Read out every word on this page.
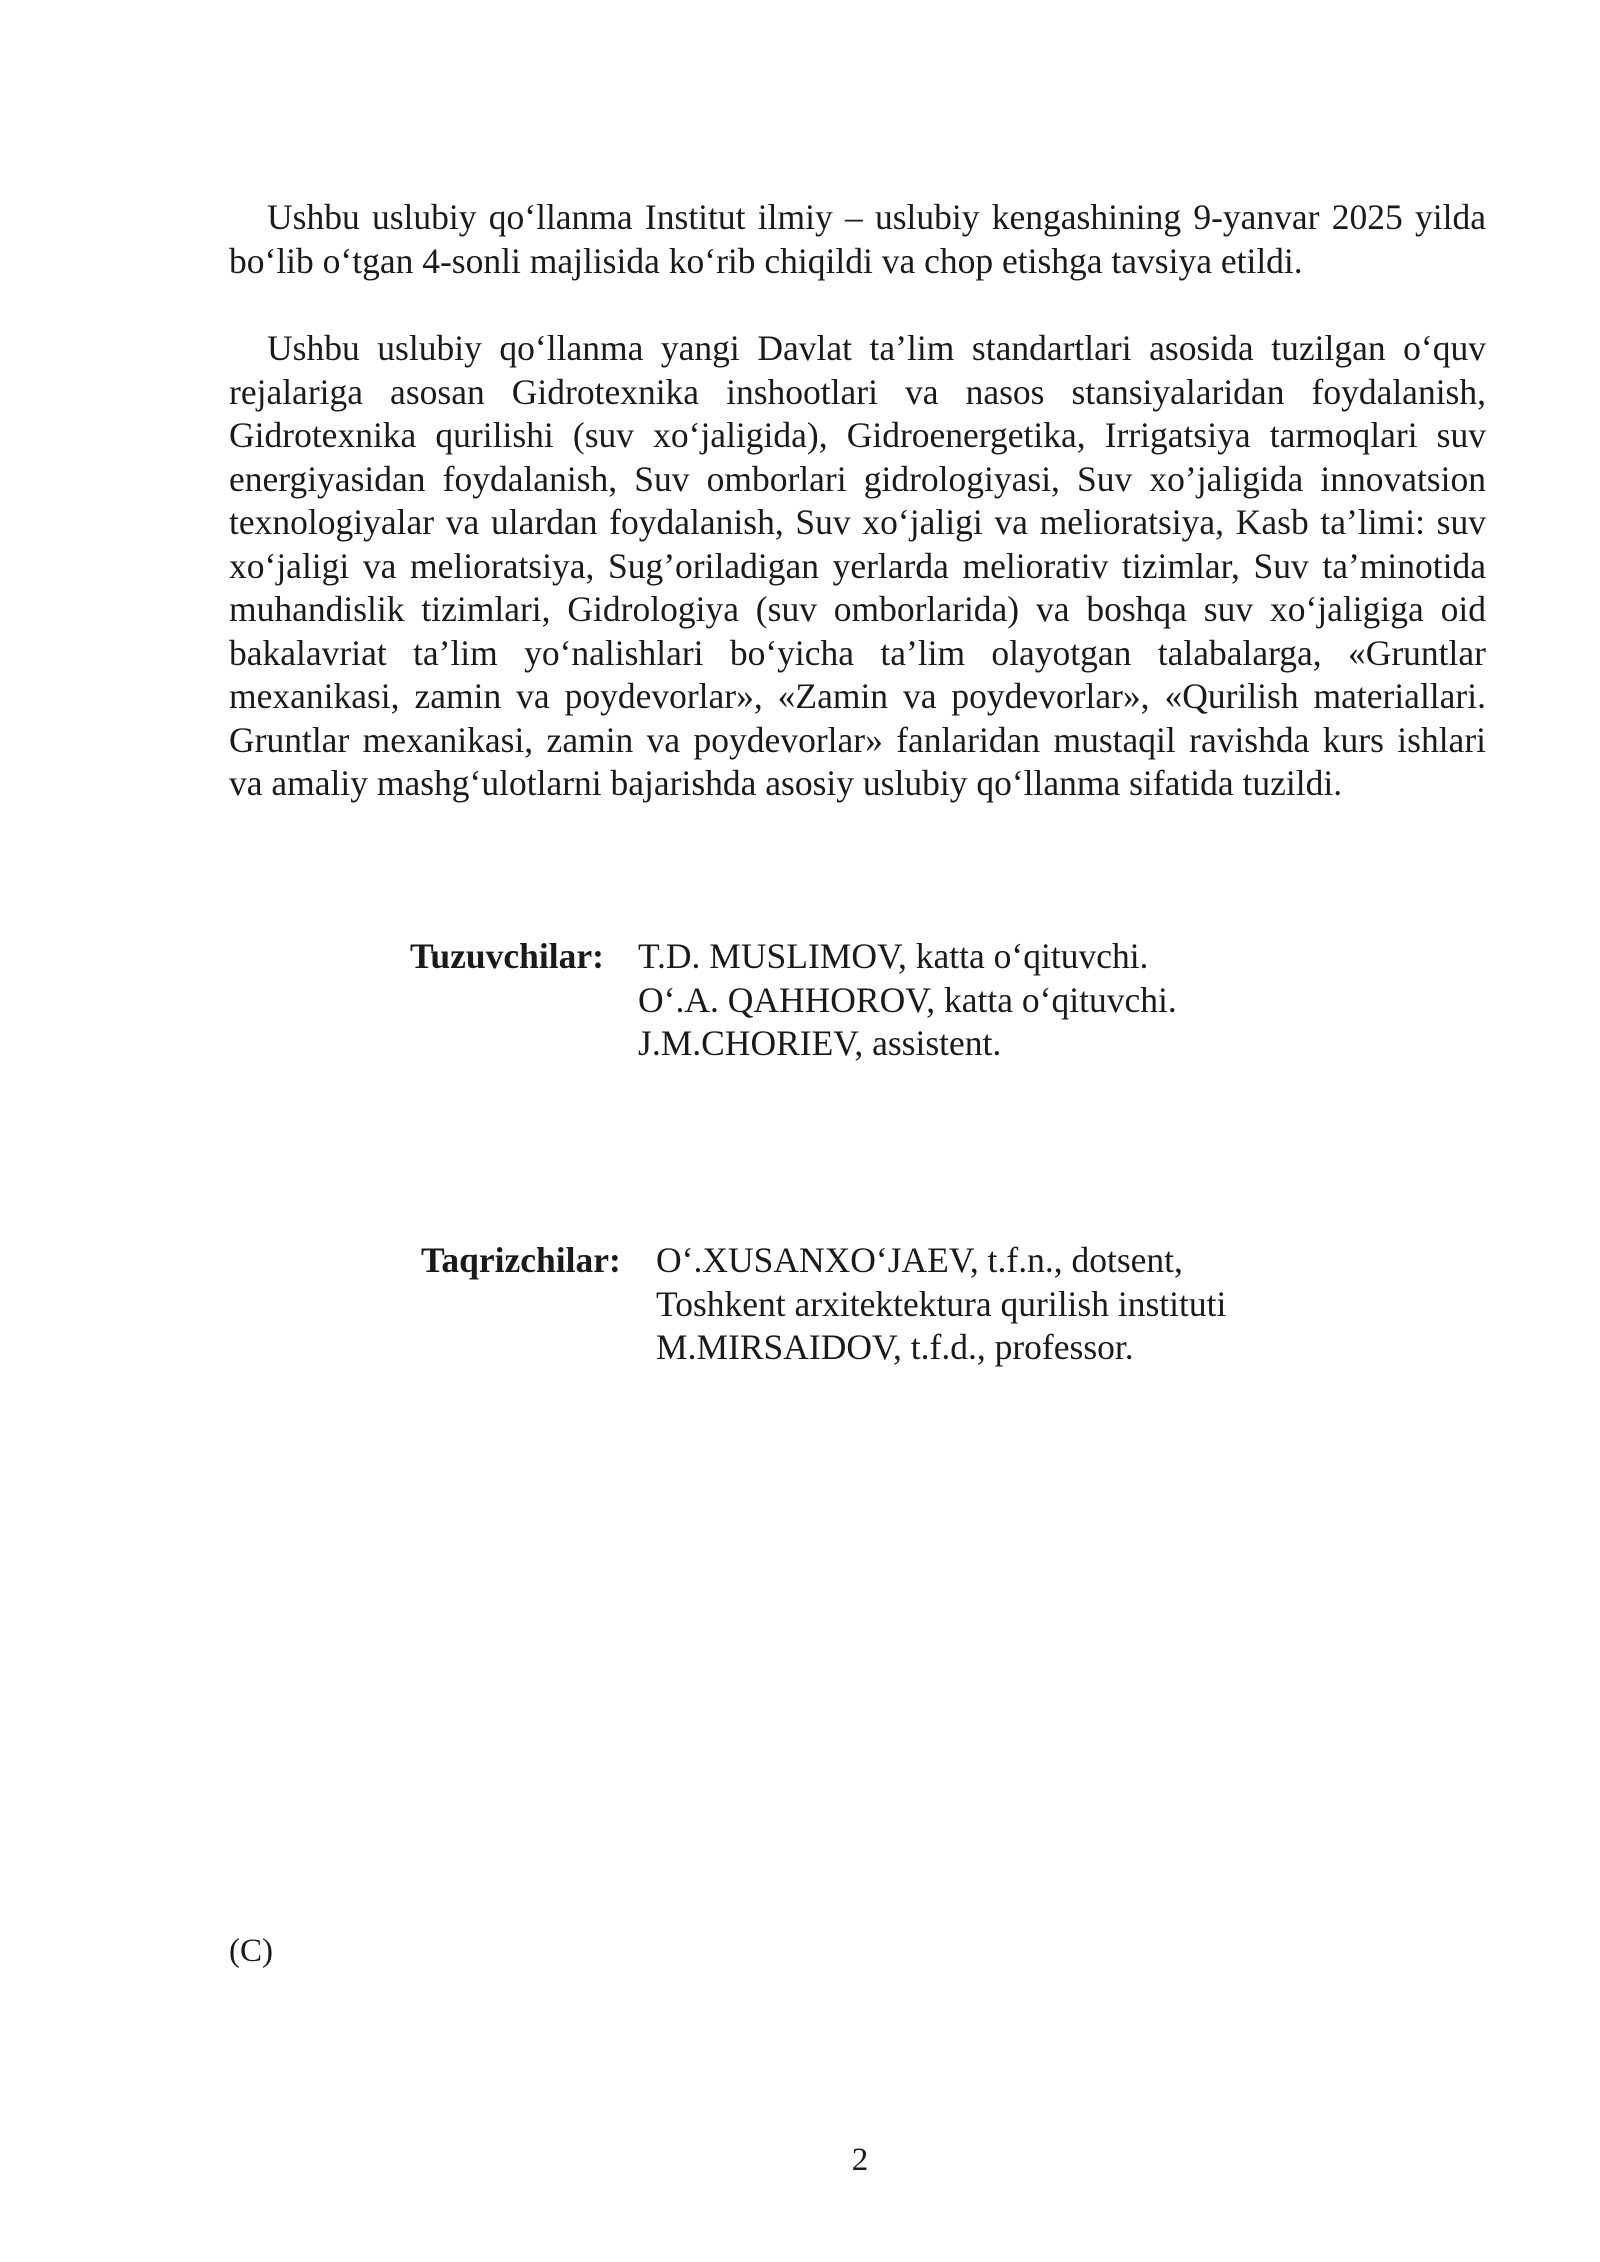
Ushbu uslubiy qo‘llanma Institut ilmiy – uslubiy kengashining 9-yanvar 2025 yilda bo‘lib o‘tgan 4-sonli majlisida ko‘rib chiqildi va chop etishga tavsiya etildi.

Ushbu uslubiy qo‘llanma yangi Davlat ta’lim standartlari asosida tuzilgan o‘quv rejalariga asosan Gidrotexnika inshootlari va nasos stansiyalaridan foydalanish, Gidrotexnika qurilishi (suv xo‘jaligida), Gidroenergetika, Irrigatsiya tarmoqlari suv energiyasidan foydalanish, Suv omborlari gidrologiyasi, Suv xo’jaligida innovatsion texnologiyalar va ulardan foydalanish, Suv xo‘jaligi va melioratsiya, Kasb ta’limi: suv xo‘jaligi va melioratsiya, Sug’oriladigan yerlarda meliorativ tizimlar, Suv ta’minotida muhandislik tizimlari, Gidrologiya (suv omborlarida) va boshqa suv xo‘jaligiga oid bakalavriat ta’lim yo‘nalishlari bo‘yicha ta’lim olayotgan talabalarga, «Gruntlar mexanikasi, zamin va poydevorlar», «Zamin va poydevorlar», «Qurilish materiallari. Gruntlar mexanikasi, zamin va poydevorlar» fanlaridan mustaqil ravishda kurs ishlari va amaliy mashg‘ulotlarni bajarishda asosiy uslubiy qo‘llanma sifatida tuzildi.

Tuzuvchilar: T.D. MUSLIMOV, katta o‘qituvchi.
O‘.A. QAHHOROV, katta o‘qituvchi.
J.M.CHORIEV, assistent.
Taqrizchilar: O‘.XUSANXO‘JAEV, t.f.n., dotsent,
Toshkent arxitektektura qurilish instituti
M.MIRSAIDOV, t.f.d., professor.
(C)
2
